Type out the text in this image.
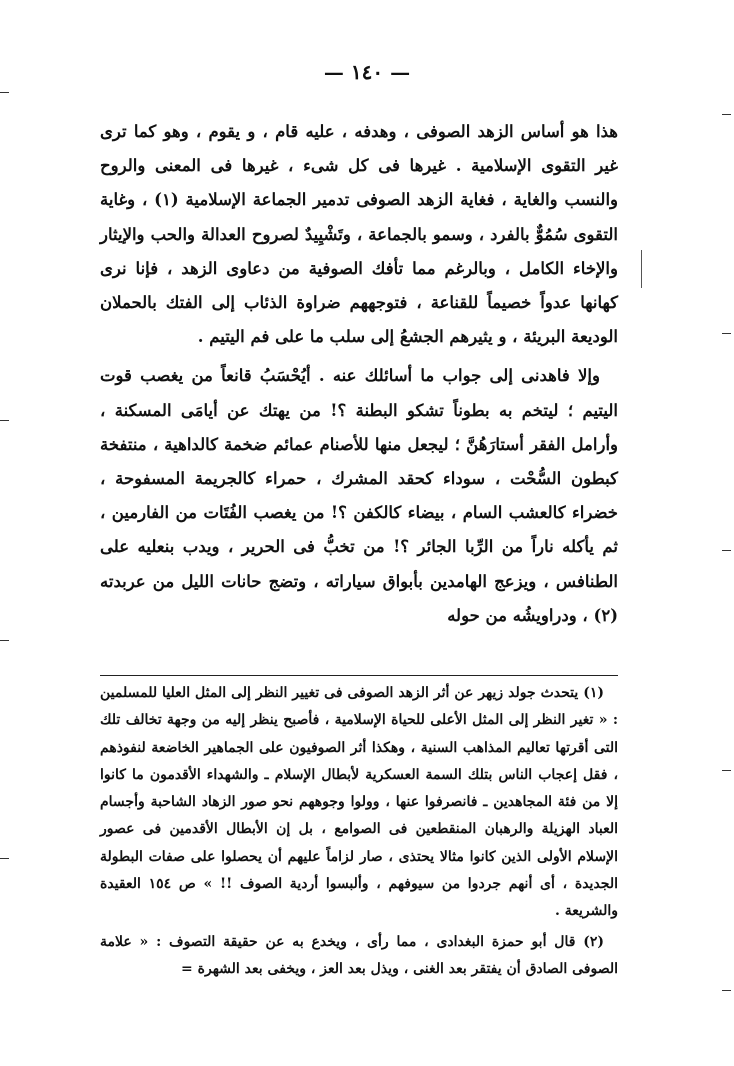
— ١٤٠ —

هذا هو أساس الزهد الصوفى ، وهدفه ، عليه قام ، و يقوم ، وهو كما ترى غير التقوى الإسلامية . غيرها فى كل شىء ، غيرها فى المعنى والروح والنسب والغاية ، فغاية الزهد الصوفى تدمير الجماعة الإسلامية (١) ، وغاية التقوى سُمُوٌّ بالفرد ، وسمو بالجماعة ، وتَشْيِيدٌ لصروح العدالة والحب والإيثار والإخاء الكامل ، وبالرغم مما تأفك الصوفية من دعاوى الزهد ، فإنا نرى كهانها عدواً خصيماً للقناعة ، فتوجههم ضراوة الذئاب إلى الفتك بالحملان الوديعة البريئة ، و يثيرهم الجشعُ إلى سلب ما على فم اليتيم .

وإلا فاهدنى إلى جواب ما أسائلك عنه . أيُحْسَبُ قانعاً من يغصب قوت اليتيم ؛ ليتخم به بطوناً تشكو البطنة ؟! من يهتك عن أيامَى المسكنة ، وأرامل الفقر أستارَهُنَّ ؛ ليجعل منها للأصنام عمائم ضخمة كالداهية ، منتفخة كبطون السُّحْت ، سوداء كحقد المشرك ، حمراء كالجريمة المسفوحة ، خضراء كالعشب السام ، بيضاء كالكفن ؟! من يغصب الفُتَات من الفارمين ، ثم يأكله ناراً من الرِّبا الجائر ؟! من تخبُّ فى الحرير ، ويدب بنعليه على الطنافس ، ويزعج الهامدين بأبواق سياراته ، وتضج حانات الليل من عربدته (٢) ، ودراويشُه من حوله

(١) يتحدث جولد زيهر عن أثر الزهد الصوفى فى تغيير النظر إلى المثل العليا للمسلمين : « تغير النظر إلى المثل الأعلى للحياة الإسلامية ، فأصبح ينظر إليه من وجهة تخالف تلك التى أقرتها تعاليم المذاهب السنية ، وهكذا أثر الصوفيون على الجماهير الخاضعة لنفوذهم ، فقل إعجاب الناس بتلك السمة العسكرية لأبطال الإسلام ـ والشهداء الأقدمون ما كانوا إلا من فئة المجاهدين ـ فانصرفوا عنها ، وولوا وجوههم نحو صور الزهاد الشاحبة وأجسام العباد الهزيلة والرهبان المنقطعين فى الصوامع ، بل إن الأبطال الأقدمين فى عصور الإسلام الأولى الذين كانوا مثالا يحتذى ، صار لزاماً عليهم أن يحصلوا على صفات البطولة الجديدة ، أى أنهم جردوا من سيوفهم ، وألبسوا أردية الصوف !! » ص ١٥٤ العقيدة والشريعة .

(٢) قال أبو حمزة البغدادى ، مما رأى ، ويخدع به عن حقيقة التصوف : « علامة الصوفى الصادق أن يفتقر بعد الغنى ، ويذل بعد العز ، ويخفى بعد الشهرة =
